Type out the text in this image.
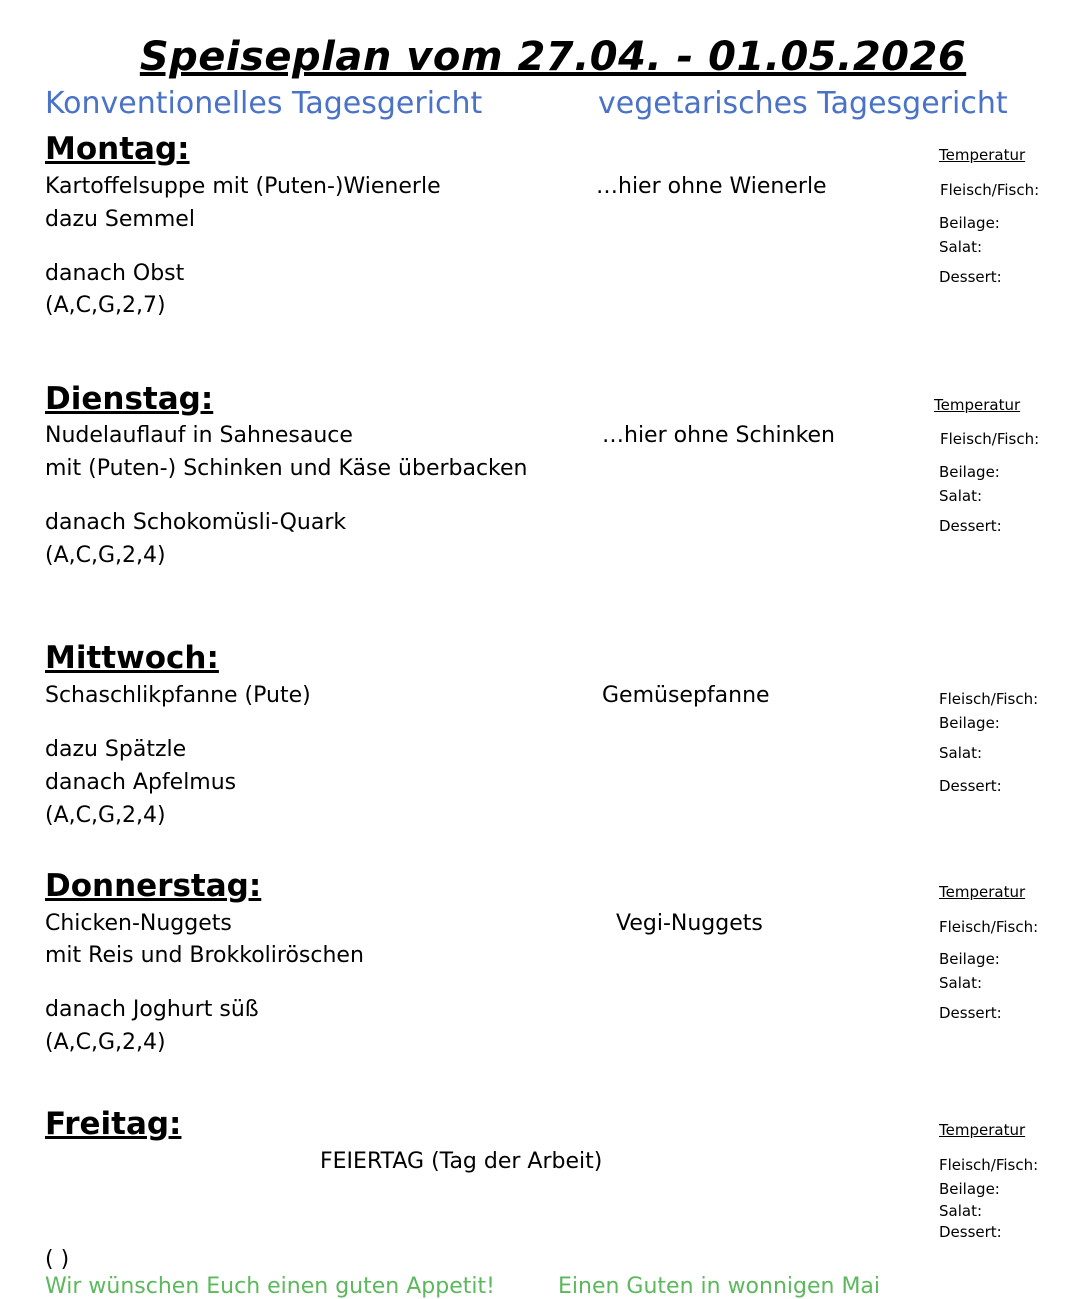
Speiseplan vom 27.04. - 01.05.2026
Konventionelles Tagesgericht	vegetarisches Tagesgericht
Montag:	Temperatur
Kartoffelsuppe mit (Puten-)Wienerle	…hier ohne Wienerle	Fleisch/Fisch:
dazu Semmel	Beilage:
Salat:
danach Obst	Dessert:
(A,C,G,2,7)
Dienstag:	Temperatur
Nudelauflauf in Sahnesauce	…hier ohne Schinken	Fleisch/Fisch:
mit (Puten-) Schinken und Käse überbacken	Beilage:
Salat:
danach Schokomüsli-Quark	Dessert:
(A,C,G,2,4)
Mittwoch:
Schaschlikpfanne (Pute)	Gemüsepfanne	Fleisch/Fisch:
Beilage:
dazu Spätzle	Salat:
danach Apfelmus	Dessert:
(A,C,G,2,4)
Donnerstag:	Temperatur
Chicken-Nuggets	Vegi-Nuggets	Fleisch/Fisch:
mit Reis und Brokkoliröschen	Beilage:
Salat:
danach Joghurt süß	Dessert:
(A,C,G,2,4)
Freitag:	Temperatur
FEIERTAG (Tag der Arbeit)	Fleisch/Fisch:
Beilage:
Salat:
Dessert:
( )
Wir wünschen Euch einen guten Appetit!	Einen Guten in wonnigen Mai
